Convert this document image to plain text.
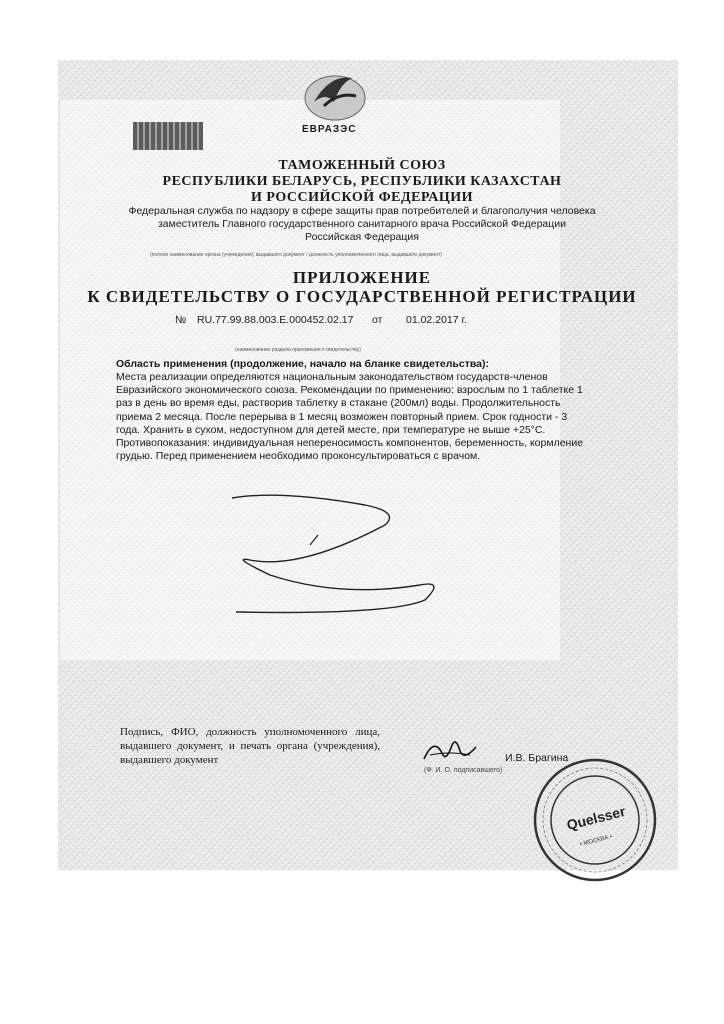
ЕВРАЗЭС
ТАМОЖЕННЫЙ СОЮЗ
РЕСПУБЛИКИ БЕЛАРУСЬ, РЕСПУБЛИКИ КАЗАХСТАН
И РОССИЙСКОЙ ФЕДЕРАЦИИ
Федеральная служба по надзору в сфере защиты прав потребителей и благополучия человека
заместитель Главного государственного санитарного врача Российской Федерации
Российская Федерация
(полное наименование органа (учреждения), выдавшего документ / должность уполномоченного лица, выдавшего документ)
ПРИЛОЖЕНИЕ
К СВИДЕТЕЛЬСТВУ О ГОСУДАРСТВЕННОЙ РЕГИСТРАЦИИ
№ RU.77.99.88.003.E.000452.02.17 от 01.02.2017 г.
(наименование раздела приложения к свидетельству)
Область применения (продолжение, начало на бланке свидетельства):
Места реализации определяются национальным законодательством государств-членов Евразийского экономического союза. Рекомендации по применению: взрослым по 1 таблетке 1 раз в день во время еды, растворив таблетку в стакане (200мл) воды. Продолжительность приема 2 месяца. После перерыва в 1 месяц возможен повторный прием. Срок годности - 3 года. Хранить в сухом, недоступном для детей месте, при температуре не выше +25°С. Противопоказания: индивидуальная непереносимость компонентов, беременность, кормление грудью. Перед применением необходимо проконсультироваться с врачом.
Подпись, ФИО, должность уполномоченного лица, выдавшего документ, и печать органа (учреждения), выдавшего документ	И.В. Брагина
(Ф. И. О. подписавшего)
Quelsser
• МОСКВА •
